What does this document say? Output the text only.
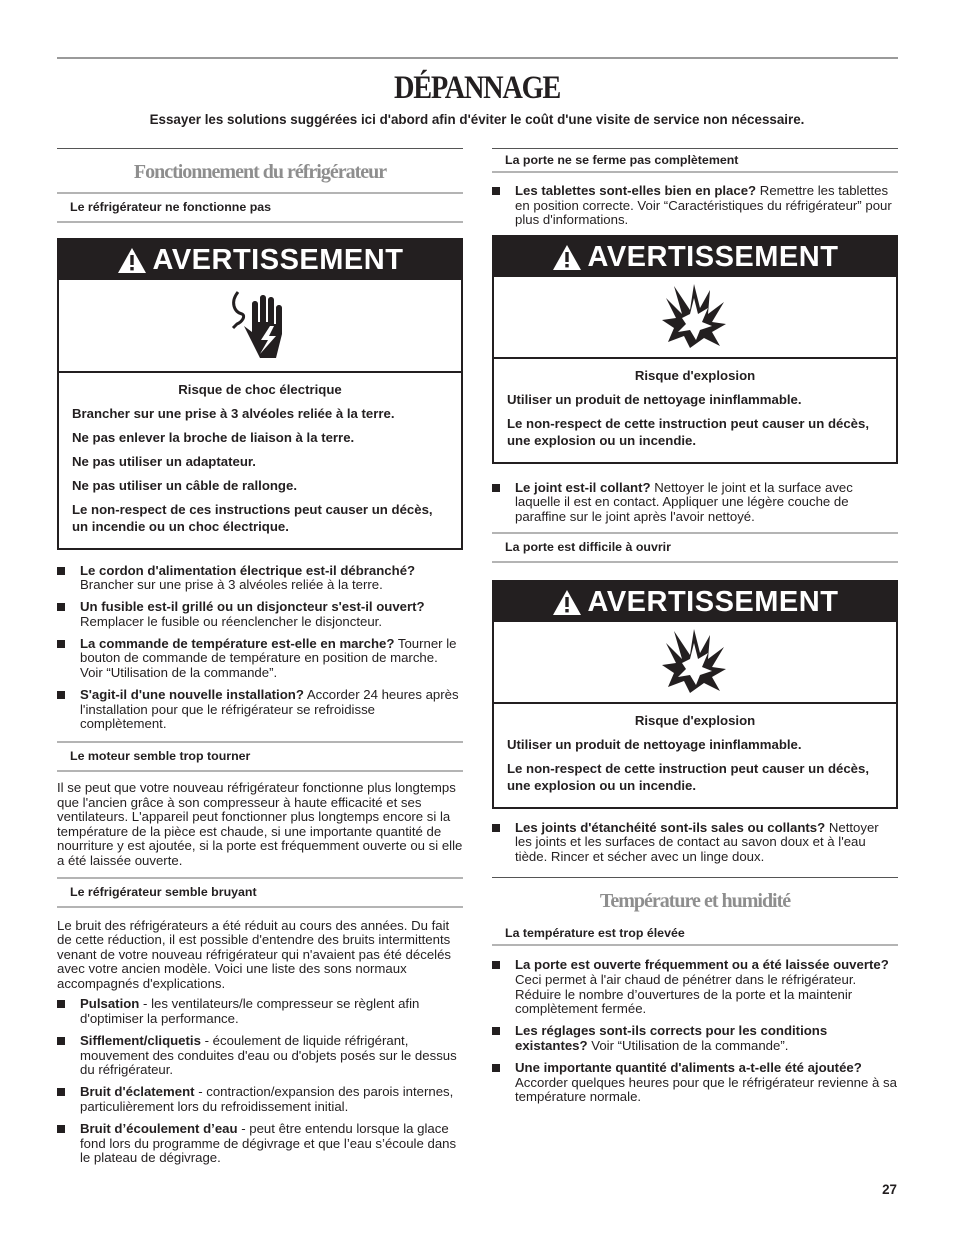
DÉPANNAGE
Essayer les solutions suggérées ici d'abord afin d'éviter le coût d'une visite de service non nécessaire.
Fonctionnement du réfrigérateur
Le réfrigérateur ne fonctionne pas
AVERTISSEMENT

Risque de choc électrique

Brancher sur une prise à 3 alvéoles reliée à la terre.

Ne pas enlever la broche de liaison à la terre.

Ne pas utiliser un adaptateur.

Ne pas utiliser un câble de rallonge.

Le non-respect de ces instructions peut causer un décès, un incendie ou un choc électrique.

Le cordon d'alimentation électrique est-il débranché?
Brancher sur une prise à 3 alvéoles reliée à la terre.
Un fusible est-il grillé ou un disjoncteur s'est-il ouvert?
Remplacer le fusible ou réenclencher le disjoncteur.
La commande de température est-elle en marche? Tourner le bouton de commande de température en position de marche. Voir “Utilisation de la commande”.
S'agit-il d'une nouvelle installation? Accorder 24 heures après l'installation pour que le réfrigérateur se refroidisse complètement.
Le moteur semble trop tourner

Il se peut que votre nouveau réfrigérateur fonctionne plus longtemps que l'ancien grâce à son compresseur à haute efficacité et ses ventilateurs. L'appareil peut fonctionner plus longtemps encore si la température de la pièce est chaude, si une importante quantité de nourriture y est ajoutée, si la porte est fréquemment ouverte ou si elle a été laissée ouverte.

Le réfrigérateur semble bruyant

Le bruit des réfrigérateurs a été réduit au cours des années. Du fait de cette réduction, il est possible d'entendre des bruits intermittents venant de votre nouveau réfrigérateur qui n'avaient pas été décelés avec votre ancien modèle. Voici une liste des sons normaux accompagnés d'explications.

Pulsation - les ventilateurs/le compresseur se règlent afin d'optimiser la performance.
Sifflement/cliquetis - écoulement de liquide réfrigérant, mouvement des conduites d'eau ou d'objets posés sur le dessus du réfrigérateur.
Bruit d'éclatement - contraction/expansion des parois internes, particulièrement lors du refroidissement initial.
Bruit d’écoulement d’eau - peut être entendu lorsque la glace fond lors du programme de dégivrage et que l’eau s’écoule dans le plateau de dégivrage.
La porte ne se ferme pas complètement
Les tablettes sont-elles bien en place? Remettre les tablettes en position correcte. Voir “Caractéristiques du réfrigérateur” pour plus d'informations.
AVERTISSEMENT

Risque d'explosion

Utiliser un produit de nettoyage ininflammable.

Le non-respect de cette instruction peut causer un décès, une explosion ou un incendie.

Le joint est-il collant? Nettoyer le joint et la surface avec laquelle il est en contact. Appliquer une légère couche de paraffine sur le joint après l'avoir nettoyé.
La porte est difficile à ouvrir
AVERTISSEMENT

Risque d'explosion

Utiliser un produit de nettoyage ininflammable.

Le non-respect de cette instruction peut causer un décès, une explosion ou un incendie.

Les joints d'étanchéité sont-ils sales ou collants? Nettoyer les joints et les surfaces de contact au savon doux et à l'eau tiède. Rincer et sécher avec un linge doux.
Température et humidité
La température est trop élevée
La porte est ouverte fréquemment ou a été laissée ouverte? Ceci permet à l'air chaud de pénétrer dans le réfrigérateur. Réduire le nombre d’ouvertures de la porte et la maintenir complètement fermée.
Les réglages sont-ils corrects pour les conditions existantes? Voir “Utilisation de la commande”.
Une importante quantité d'aliments a-t-elle été ajoutée?
Accorder quelques heures pour que le réfrigérateur revienne à sa température normale.
27
